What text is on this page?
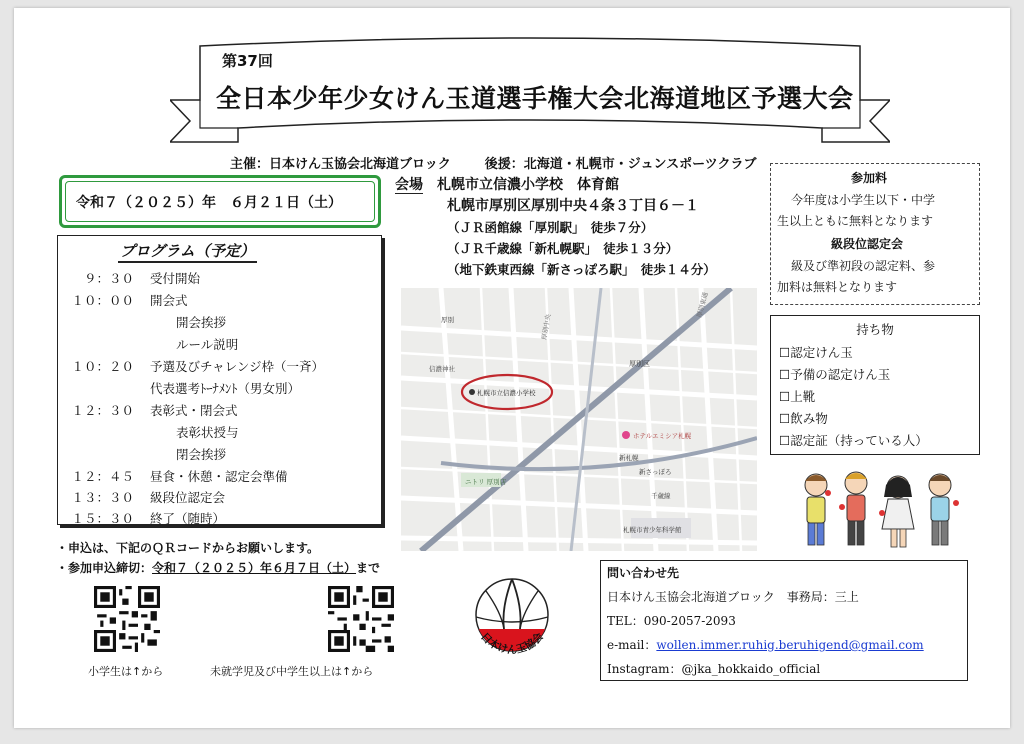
第37回
全日本少年少女けん玉道選手権大会北海道地区予選大会
主催：日本けん玉協会北海道ブロック	後援：北海道・札幌市・ジュンスポーツクラブ
令和７（２０２５）年　６月２１日（土）
プログラム（予定）
９：３０ 受付開始
１０：００ 開会式
開会挨拶
ルール説明
１０：２０ 予選及びチャレンジ枠（一斉）
代表選考ﾄｰﾅﾒﾝﾄ（男女別）
１２：３０ 表彰式・閉会式
表彰状授与
閉会挨拶
１２：４５ 昼食・休憩・認定会準備
１３：３０ 級段位認定会
１５：３０ 終了（随時）
会場　 札幌市立信濃小学校　体育館
札幌市厚別区厚別中央４条３丁目６－１
（ＪＲ函館線「厚別駅」　徒歩７分）
（ＪＲ千歳線「新札幌駅」　徒歩１３分）
（地下鉄東西線「新さっぽろ駅」　徒歩１４分）
札幌市立信濃小学校
信濃神社
厚別区
ホテルエミシア札幌
新さっぽろ
新札幌
千歳線
厚別
ニトリ 厚別店
札幌市青少年科学館
厚別中央
厚別東通
参加料
今年度は小学生以下・中学
生以上ともに無料となります
級段位認定会
級及び準初段の認定料、参
加料は無料となります
持ち物
☐認定けん玉
☐予備の認定けん玉
☐上靴
☐飲み物
☐認定証（持っている人）
・申込は、下記のＱＲコードからお願いします。
・参加申込締切：令和７（２０２５）年６月７日（土）まで
小学生は↑から	未就学児及び中学生以上は↑から
日本けん玉協会
問い合わせ先
日本けん玉協会北海道ブロック　事務局：三上
TEL：090-2057-2093
e-mail：wollen.immer.ruhig.beruhigend@gmail.com
Instagram：@jka_hokkaido_official
